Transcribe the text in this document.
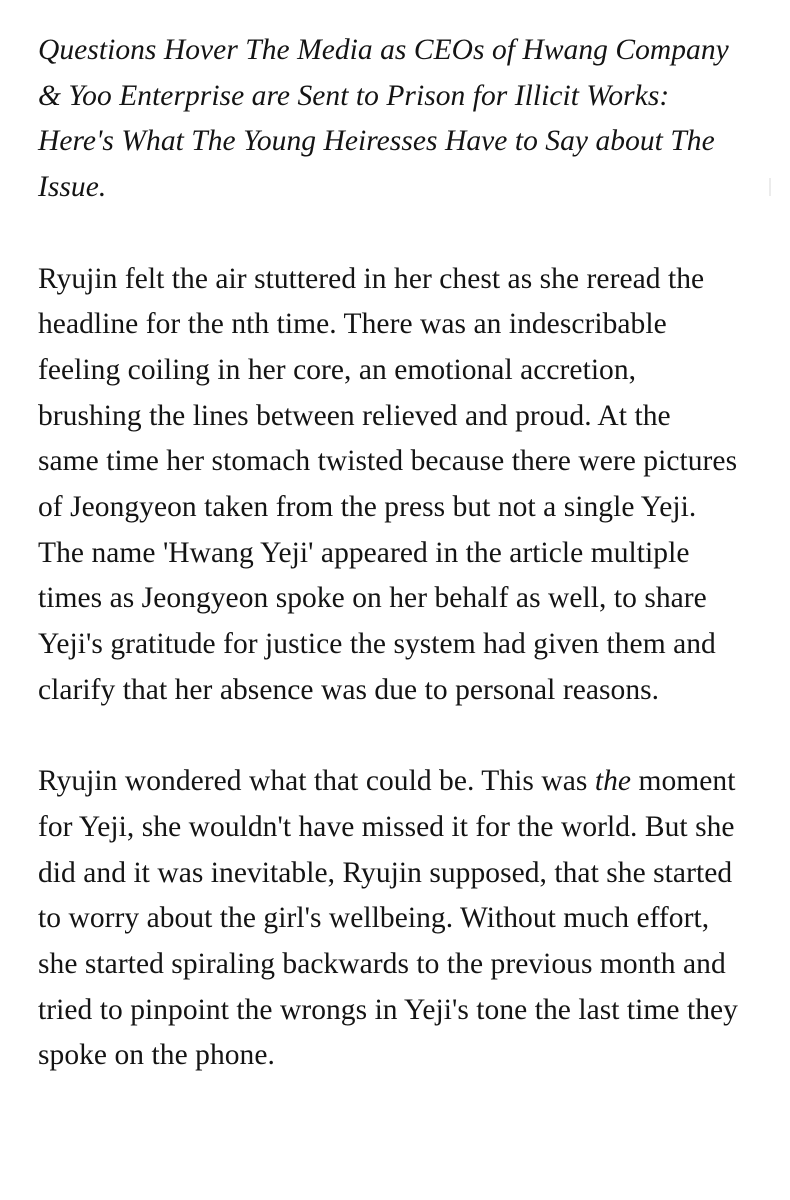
Questions Hover The Media as CEOs of Hwang Company & Yoo Enterprise are Sent to Prison for Illicit Works: Here's What The Young Heiresses Have to Say about The Issue.

Ryujin felt the air stuttered in her chest as she reread the headline for the nth time. There was an indescribable feeling coiling in her core, an emotional accretion, brushing the lines between relieved and proud. At the same time her stomach twisted because there were pictures of Jeongyeon taken from the press but not a single Yeji. The name 'Hwang Yeji' appeared in the article multiple times as Jeongyeon spoke on her behalf as well, to share Yeji's gratitude for justice the system had given them and clarify that her absence was due to personal reasons.

Ryujin wondered what that could be. This was the moment for Yeji, she wouldn't have missed it for the world. But she did and it was inevitable, Ryujin supposed, that she started to worry about the girl's wellbeing. Without much effort, she started spiraling backwards to the previous month and tried to pinpoint the wrongs in Yeji's tone the last time they spoke on the phone.
